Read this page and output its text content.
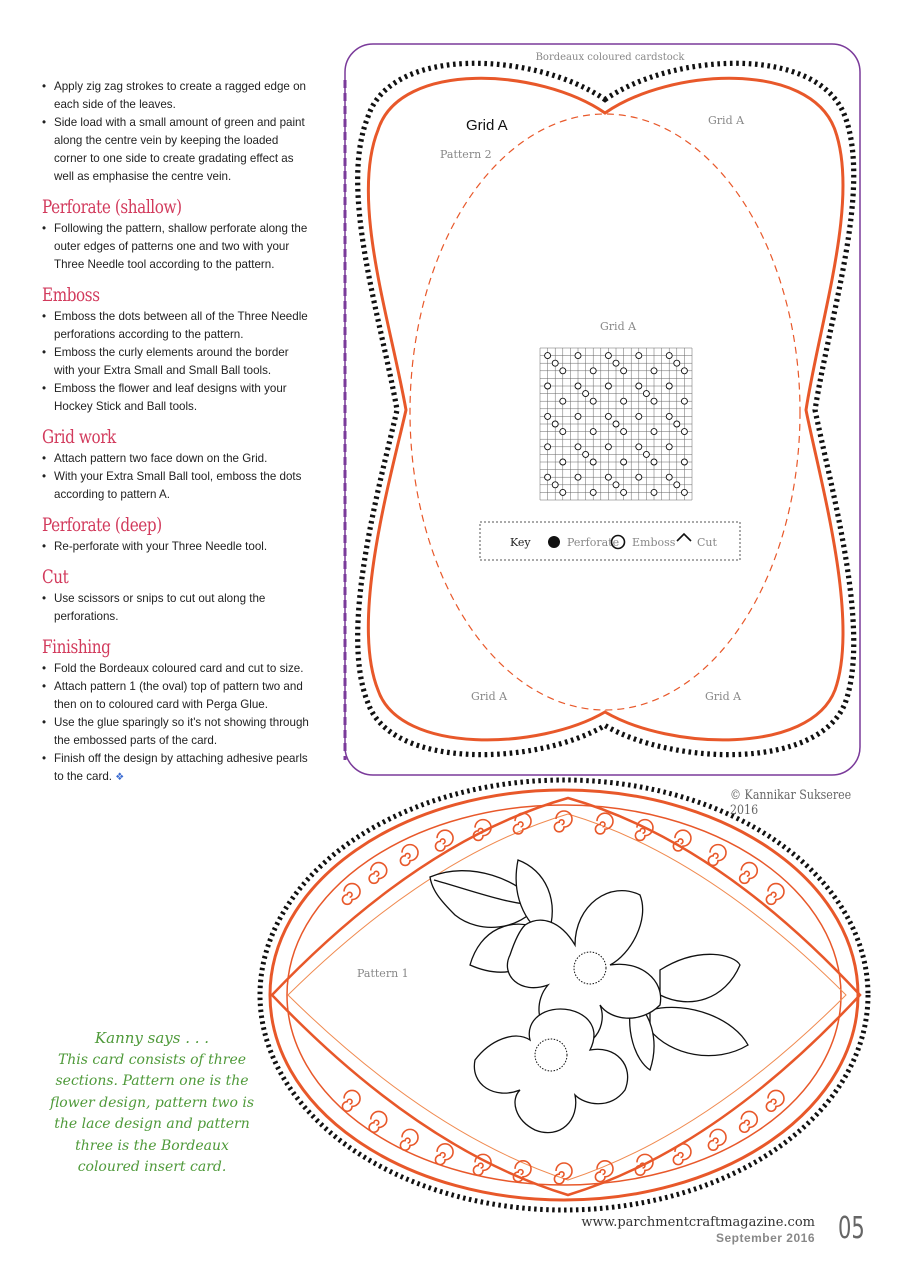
• Apply zig zag strokes to create a ragged edge on each side of the leaves.
• Side load with a small amount of green and paint along the centre vein by keeping the loaded corner to one side to create gradating effect as well as emphasise the centre vein.
Perforate (shallow)
• Following the pattern, shallow perforate along the outer edges of patterns one and two with your Three Needle tool according to the pattern.
Emboss
• Emboss the dots between all of the Three Needle perforations according to the pattern.
• Emboss the curly elements around the border with your Extra Small and Small Ball tools.
• Emboss the flower and leaf designs with your Hockey Stick and Ball tools.
Grid work
• Attach pattern two face down on the Grid.
• With your Extra Small Ball tool, emboss the dots according to pattern A.
Perforate (deep)
• Re-perforate with your Three Needle tool.
Cut
• Use scissors or snips to cut out along the perforations.
Finishing
• Fold the Bordeaux coloured card and cut to size.
• Attach pattern 1 (the oval) top of pattern two and then on to coloured card with Perga Glue.
• Use the glue sparingly so it's not showing through the embossed parts of the card.
• Finish off the design by attaching adhesive pearls to the card. ❖
Kanny says . . .
This card consists of three
sections. Pattern one is the
flower design, pattern two is
the lace design and pattern
three is the Bordeaux
coloured insert card.
Bordeaux coloured cardstock
Grid A	Grid A
Pattern 2
Grid A
Grid A	Grid A
Key	Perforate Emboss Cut
Pattern 1
© Kannikar Sukseree 2016
www.parchmentcraftmagazine.com
September 2016 05
